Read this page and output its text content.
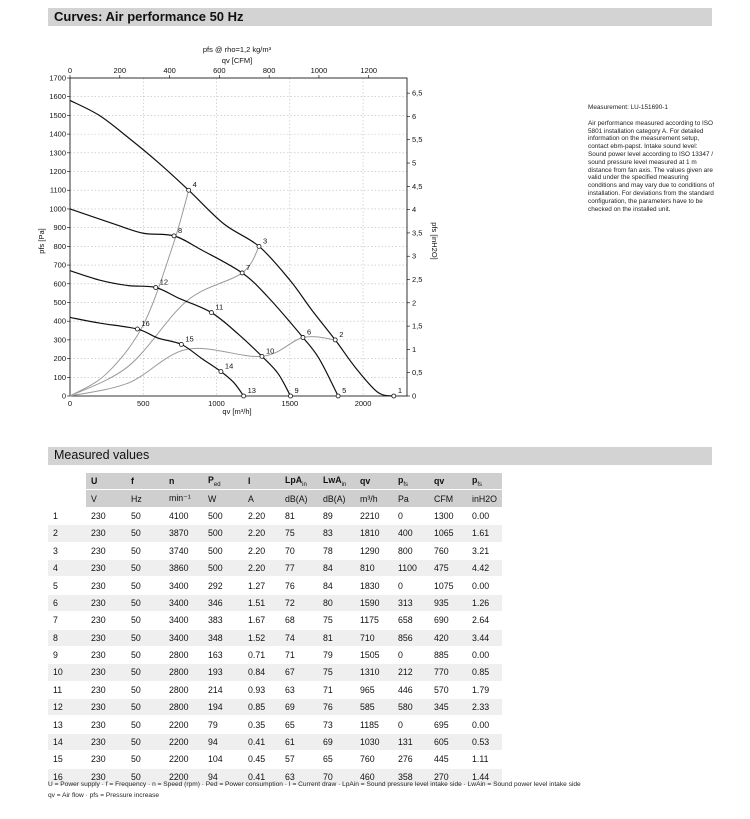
Curves: Air performance 50 Hz
0	500	1000	1500	2000
0
100
200
300
400
500
600
700
800
900
1000
1100
1200
1300
1400
1500
1600
1700
0	200	400	600	800	1000	1200
0
0,5
1
1,5
2
2,5
3
3,5
4
4,5
5
5,5
6
6,5
1
2
3
4
5
6
7
8
9
10
11
12
13
14
15
16
pfs @ rho=1,2 kg/m³
qv [CFM]
qv [m³/h]
pfs [Pa]	pfs [inH2O]
Measurement: LU-151690-1
Air performance measured according to ISO 5801 installation category A. For detailed information on the measurement setup, contact ebm-papst. Intake sound level: Sound power level according to ISO 13347 / sound pressure level measured at 1 m distance from fan axis. The values given are valid under the specified measuring conditions and may vary due to conditions of installation. For deviations from the standard configuration, the parameters have to be checked on the installed unit.
Measured values
	U	f	n	$P_{ed}$	I	LpA$_{in}$	LwA$_{in}$	qv	$p_{fs}$	qv	$p_{fs}$
	V	Hz	min⁻¹	W	A	dB(A)	dB(A)	m³/h	Pa	CFM	inH2O
1	230	50	4100	500	2.20	81	89	2210	0	1300	0.00
2	230	50	3870	500	2.20	75	83	1810	400	1065	1.61
3	230	50	3740	500	2.20	70	78	1290	800	760	3.21
4	230	50	3860	500	2.20	77	84	810	1100	475	4.42
5	230	50	3400	292	1.27	76	84	1830	0	1075	0.00
6	230	50	3400	346	1.51	72	80	1590	313	935	1.26
7	230	50	3400	383	1.67	68	75	1175	658	690	2.64
8	230	50	3400	348	1.52	74	81	710	856	420	3.44
9	230	50	2800	163	0.71	71	79	1505	0	885	0.00
10	230	50	2800	193	0.84	67	75	1310	212	770	0.85
11	230	50	2800	214	0.93	63	71	965	446	570	1.79
12	230	50	2800	194	0.85	69	76	585	580	345	2.33
13	230	50	2200	79	0.35	65	73	1185	0	695	0.00
14	230	50	2200	94	0.41	61	69	1030	131	605	0.53
15	230	50	2200	104	0.45	57	65	760	276	445	1.11
16	230	50	2200	94	0.41	63	70	460	358	270	1.44
U = Power supply · f = Frequency · n = Speed (rpm) · Ped = Power consumption · I = Current draw · LpAin = Sound pressure level intake side · LwAin = Sound power level intake side
qv = Air flow · pfs = Pressure increase
